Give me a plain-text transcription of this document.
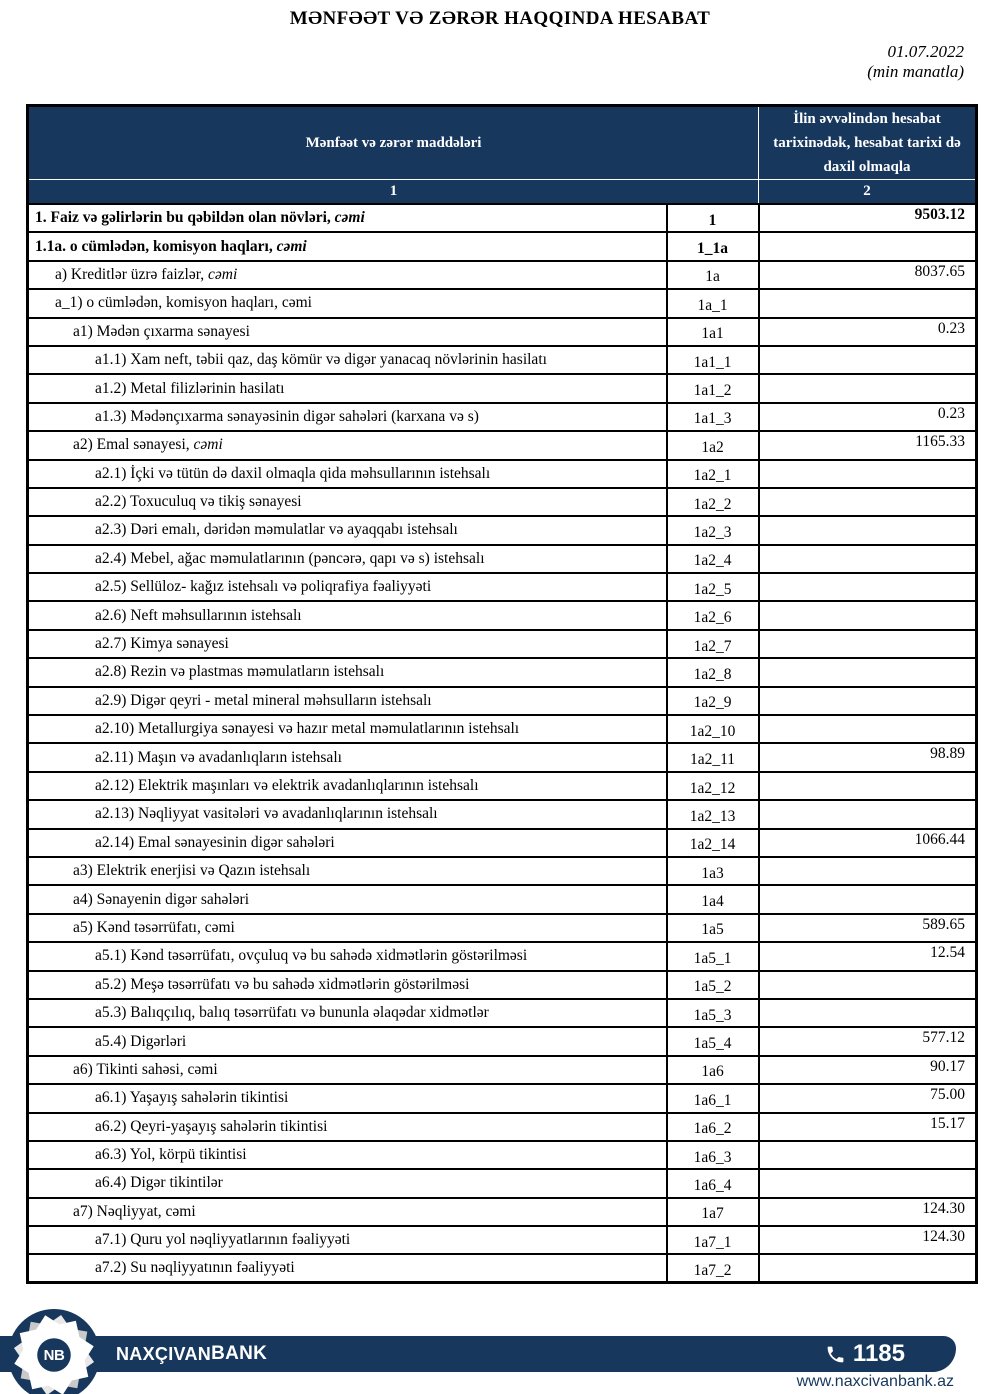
MƏNFƏƏT VƏ ZƏRƏR HAQQINDA HESABAT
01.07.2022
(min manatla)
Mənfəət və zərər maddələri		İlin əvvəlindən hesabat tarixinədək, hesabat tarixi də daxil olmaqla
1		2
1. Faiz və gəlirlərin bu qəbildən olan növləri, cəmi	1	9503.12
1.1a. o cümlədən, komisyon haqları, cəmi	1_1a	
a) Kreditlər üzrə faizlər, cəmi	1a	8037.65
a_1) o cümlədən, komisyon haqları, cəmi	1a_1	
a1) Mədən çıxarma sənayesi	1a1	0.23
a1.1) Xam neft, təbii qaz, daş kömür və digər yanacaq növlərinin hasilatı	1a1_1	
a1.2) Metal filizlərinin hasilatı	1a1_2	
a1.3) Mədənçıxarma sənayəsinin digər sahələri (karxana və s)	1a1_3	0.23
a2) Emal sənayesi, cəmi	1a2	1165.33
a2.1) İçki və tütün də daxil olmaqla qida məhsullarının istehsalı	1a2_1	
a2.2) Toxuculuq və tikiş sənayesi	1a2_2	
a2.3) Dəri emalı, dəridən məmulatlar və ayaqqabı istehsalı	1a2_3	
a2.4) Mebel, ağac məmulatlarının (pəncərə, qapı və s) istehsalı	1a2_4	
a2.5) Sellüloz- kağız istehsalı və poliqrafiya fəaliyyəti	1a2_5	
a2.6) Neft məhsullarının istehsalı	1a2_6	
a2.7) Kimya sənayesi	1a2_7	
a2.8) Rezin və plastmas məmulatların istehsalı	1a2_8	
a2.9) Digər qeyri - metal mineral məhsulların istehsalı	1a2_9	
a2.10) Metallurgiya sənayesi və hazır metal məmulatlarının istehsalı	1a2_10	
a2.11) Maşın və avadanlıqların istehsalı	1a2_11	98.89
a2.12) Elektrik maşınları və elektrik avadanlıqlarının istehsalı	1a2_12	
a2.13) Nəqliyyat vasitələri və avadanlıqlarının istehsalı	1a2_13	
a2.14) Emal sənayesinin digər sahələri	1a2_14	1066.44
a3) Elektrik enerjisi və Qazın istehsalı	1a3	
a4) Sənayenin digər sahələri	1a4	
a5) Kənd təsərrüfatı, cəmi	1a5	589.65
a5.1) Kənd təsərrüfatı, ovçuluq və bu sahədə xidmətlərin göstərilməsi	1a5_1	12.54
a5.2) Meşə təsərrüfatı və bu sahədə xidmətlərin göstərilməsi	1a5_2	
a5.3) Balıqçılıq, balıq təsərrüfatı və bununla əlaqədar xidmətlər	1a5_3	
a5.4) Digərləri	1a5_4	577.12
a6) Tikinti sahəsi, cəmi	1a6	90.17
a6.1) Yaşayış sahələrin tikintisi	1a6_1	75.00
a6.2) Qeyri-yaşayış sahələrin tikintisi	1a6_2	15.17
a6.3) Yol, körpü tikintisi	1a6_3	
a6.4) Digər tikintilər	1a6_4	
a7) Nəqliyyat, cəmi	1a7	124.30
a7.1) Quru yol nəqliyyatlarının fəaliyyəti	1a7_1	124.30
a7.2) Su nəqliyyatının fəaliyyəti	1a7_2	
NB	NAXÇIVAN BANK	1185
www.naxcivanbank.az
